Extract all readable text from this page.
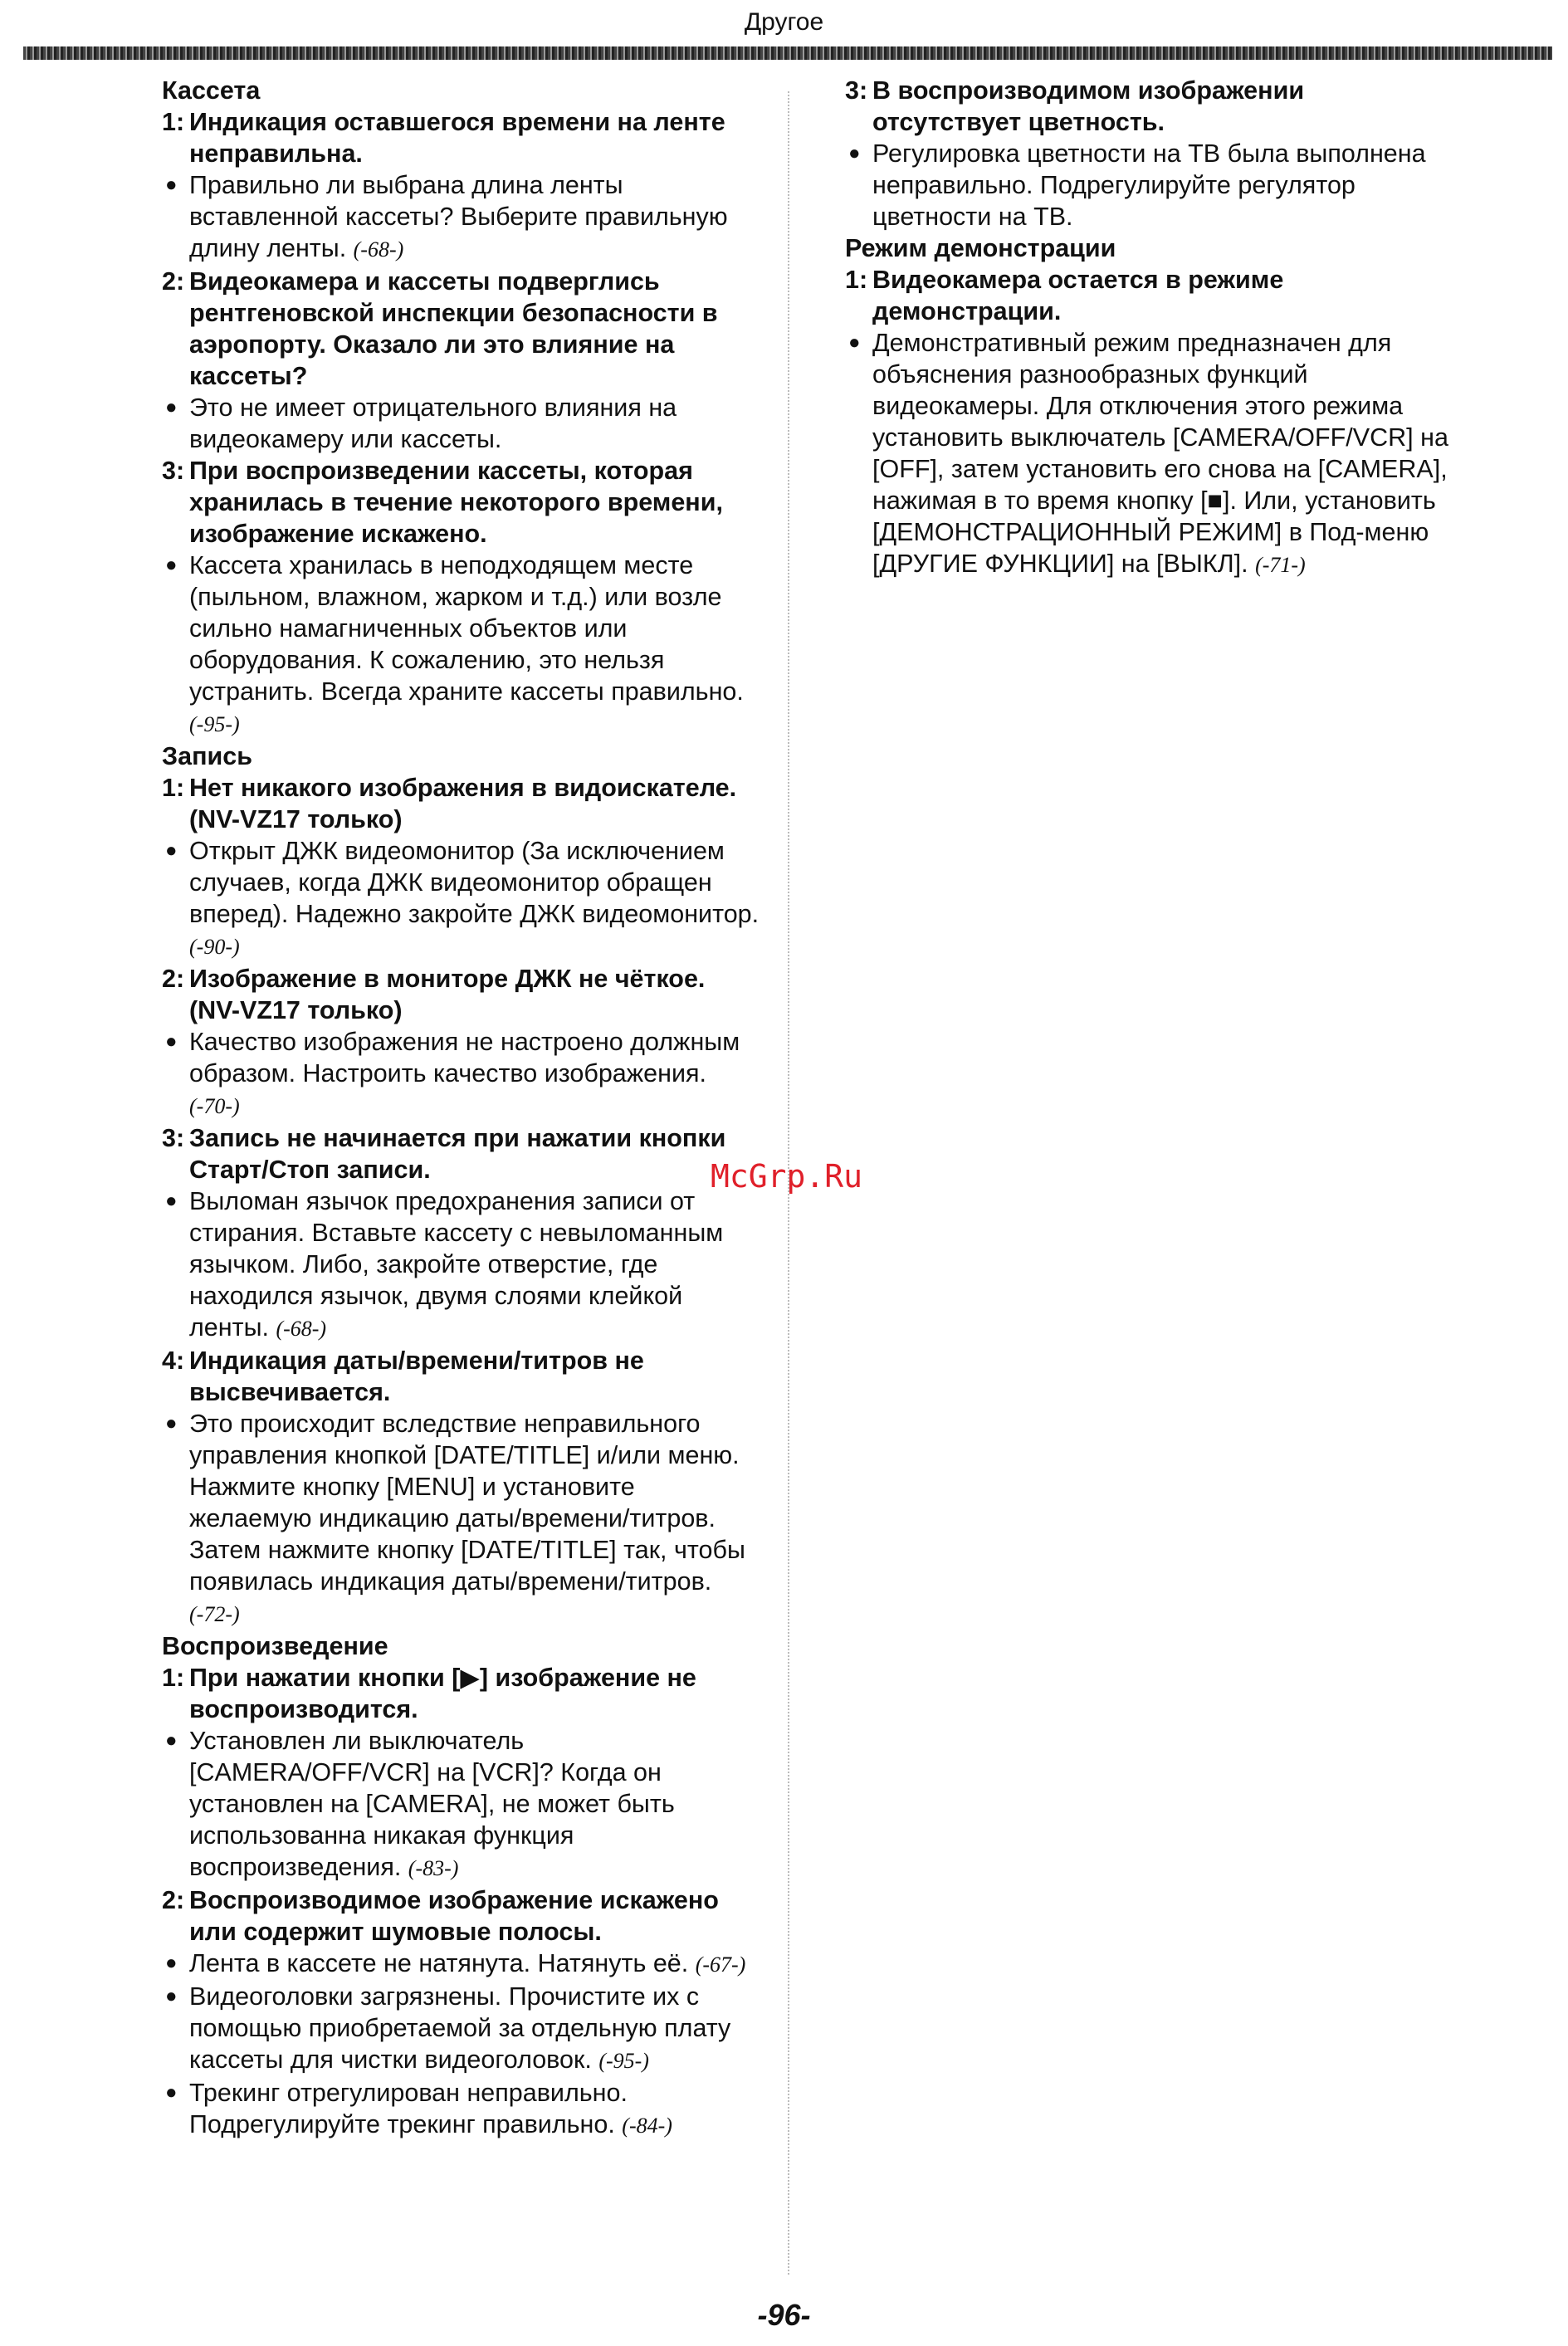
Другое
Кассета
1: Индикация оставшегося времени на ленте неправильна.
● Правильно ли выбрана длина ленты вставленной кассеты? Выберите правильную длину ленты. (-68-)
2: Видеокамера и кассеты подверглись рентгеновской инспекции безопасности в аэропорту. Оказало ли это влияние на кассеты?
● Это не имеет отрицательного влияния на видеокамеру или кассеты.
3: При воспроизведении кассеты, которая хранилась в течение некоторого времени, изображение искажено.
● Кассета хранилась в неподходящем месте (пыльном, влажном, жарком и т.д.) или возле сильно намагниченных объектов или оборудования. К сожалению, это нельзя устранить. Всегда храните кассеты правильно. (-95-)
Запись
1: Нет никакого изображения в видоискателе. (NV-VZ17 только)
● Открыт ДЖК видеомонитор (За исключением случаев, когда ДЖК видеомонитор обращен вперед). Надежно закройте ДЖК видеомонитор. (-90-)
2: Изображение в мониторе ДЖК не чёткое. (NV-VZ17 только)
● Качество изображения не настроено должным образом. Настроить качество изображения. (-70-)
3: Запись не начинается при нажатии кнопки Старт/Стоп записи.
● Выломан язычок предохранения записи от стирания. Вставьте кассету с невыломанным язычком. Либо, закройте отверстие, где находился язычок, двумя слоями клейкой ленты. (-68-)
4: Индикация даты/времени/титров не высвечивается.
● Это происходит вследствие неправильного управления кнопкой [DATE/TITLE] и/или меню. Нажмите кнопку [MENU] и установите желаемую индикацию даты/времени/титров. Затем нажмите кнопку [DATE/TITLE] так, чтобы появилась индикация даты/времени/титров. (-72-)
Воспроизведение
1: При нажатии кнопки [▶] изображение не воспроизводится.
● Установлен ли выключатель [CAMERA/OFF/VCR] на [VCR]? Когда он установлен на [CAMERA], не может быть использованна никакая функция воспроизведения. (-83-)
2: Воспроизводимое изображение искажено или содержит шумовые полосы.
● Лента в кассете не натянута. Натянуть её. (-67-)
● Видеоголовки загрязнены. Прочистите их с помощью приобретаемой за отдельную плату кассеты для чистки видеоголовок. (-95-)
● Трекинг отрегулирован неправильно. Подрегулируйте трекинг правильно. (-84-)
3: В воспроизводимом изображении отсутствует цветность.
● Регулировка цветности на ТВ была выполнена неправильно. Подрегулируйте регулятор цветности на ТВ.
Режим демонстрации
1: Видеокамера остается в режиме демонстрации.
● Демонстративный режим предназначен для объяснения разнообразных функций видеокамеры. Для отключения этого режима установить выключатель [CAMERA/OFF/VCR] на [OFF], затем установить его снова на [CAMERA], нажимая в то время кнопку [■]. Или, установить [ДЕМОНСТРАЦИОННЫЙ РЕЖИМ] в Под-меню [ДРУГИЕ ФУНКЦИИ] на [ВЫКЛ]. (-71-)
McGrp.Ru
-96-
